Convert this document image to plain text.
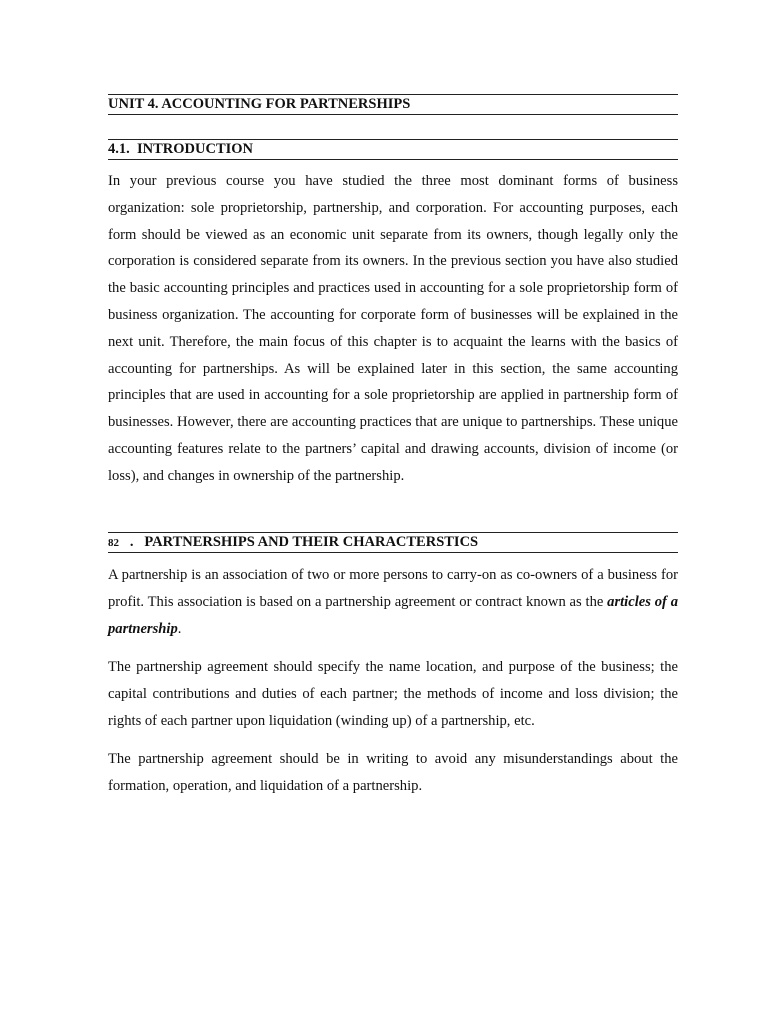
UNIT 4. ACCOUNTING FOR PARTNERSHIPS
4.1. INTRODUCTION
In your previous course you have studied the three most dominant forms of business organization: sole proprietorship, partnership, and corporation. For accounting purposes, each form should be viewed as an economic unit separate from its owners, though legally only the corporation is considered separate from its owners. In the previous section you have also studied the basic accounting principles and practices used in accounting for a sole proprietorship form of business organization. The accounting for corporate form of businesses will be explained in the next unit. Therefore, the main focus of this chapter is to acquaint the learns with the basics of accounting for partnerships. As will be explained later in this section, the same accounting principles that are used in accounting for a sole proprietorship are applied in partnership form of businesses. However, there are accounting practices that are unique to partnerships. These unique accounting features relate to the partners’ capital and drawing accounts, division of income (or loss), and changes in ownership of the partnership.
82 . PARTNERSHIPS AND THEIR CHARACTERSTICS
A partnership is an association of two or more persons to carry-on as co-owners of a business for profit. This association is based on a partnership agreement or contract known as the articles of a partnership.
The partnership agreement should specify the name location, and purpose of the business; the capital contributions and duties of each partner; the methods of income and loss division; the rights of each partner upon liquidation (winding up) of a partnership, etc.
The partnership agreement should be in writing to avoid any misunderstandings about the formation, operation, and liquidation of a partnership.
